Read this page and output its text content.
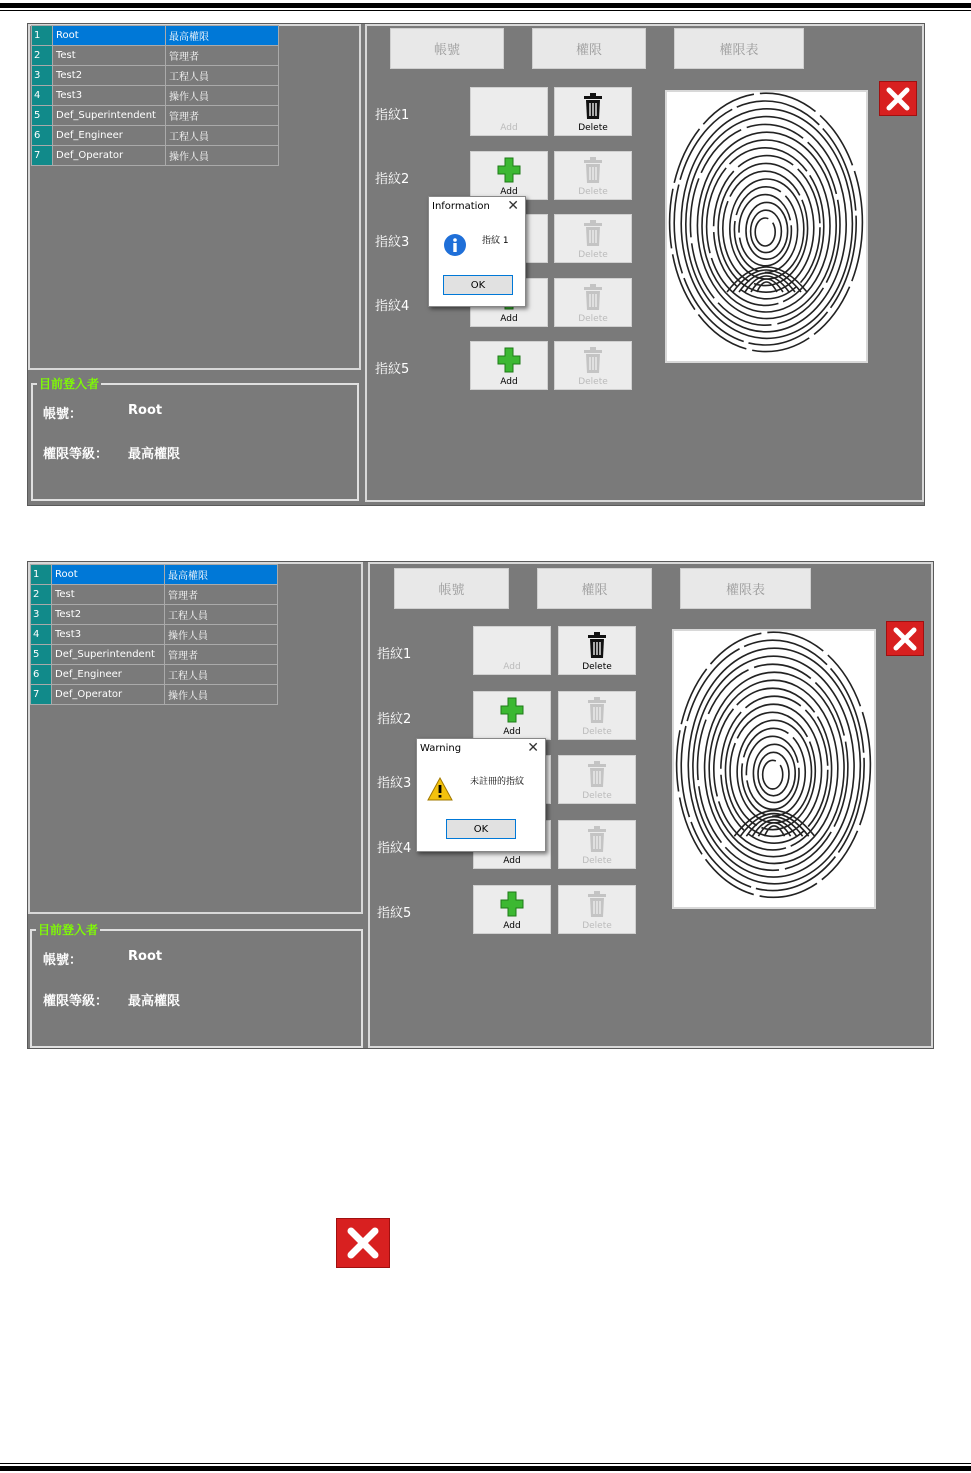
1	Root	最高權限
2	Test	管理者
3	Test2	工程人員
4	Test3	操作人員
5	Def_Superintendent	管理者
6	Def_Engineer	工程人員
7	Def_Operator	操作人員
目前登入者
帳號：	Root
權限等級： 最高權限
帳號	權限	權限表
指紋1
Add	Delete
指紋2
Add	Delete
指紋3
Delete
指紋4
Add	Delete
指紋5
Add	Delete
Information ✕
指紋 1
OK
1	Root	最高權限
2	Test	管理者
3	Test2	工程人員
4	Test3	操作人員
5	Def_Superintendent	管理者
6	Def_Engineer	工程人員
7	Def_Operator	操作人員
目前登入者
帳號：	Root
權限等級： 最高權限
帳號	權限	權限表
指紋1
Add	Delete
指紋2
Add	Delete
指紋3
Delete
指紋4
Add	Delete
指紋5
Add	Delete
Warning	✕
未註冊的指紋
OK
